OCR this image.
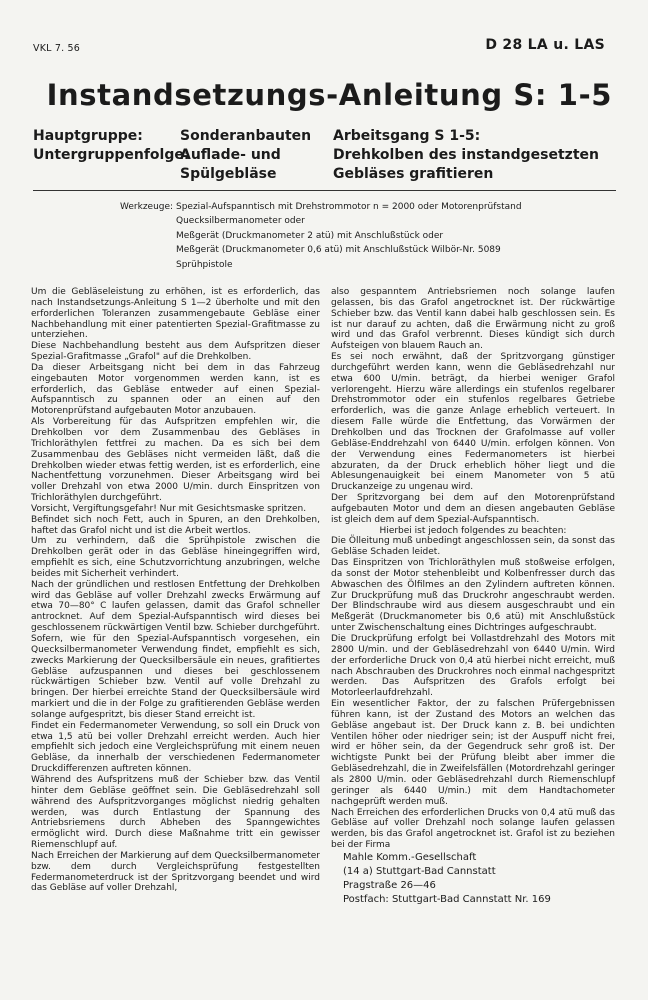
VKL 7. 56	D 28 LA u. LAS
Instandsetzungs-Anleitung S: 1-5
Hauptgruppe:
Untergruppenfolge:
Sonderanbauten
Auflade- und
Spülgebläse
Arbeitsgang S 1-5:
Drehkolben des instandgesetzten
Gebläses grafitieren
Werkzeuge: Spezial-Aufspanntisch mit Drehstrommotor n = 2000 oder Motorenprüfstand
Quecksilbermanometer oder
Meßgerät (Druckmanometer 2 atü) mit Anschlußstück oder
Meßgerät (Druckmanometer 0,6 atü) mit Anschlußstück Wilbör-Nr. 5089
Sprühpistole

Um die Gebläseleistung zu erhöhen, ist es erforderlich, das nach Instandsetzungs-Anleitung S 1—2 überholte und mit den erforderlichen Toleranzen zusammengebaute Gebläse einer Nachbehandlung mit einer patentierten Spezial-Grafitmasse zu unterziehen.

Diese Nachbehandlung besteht aus dem Aufspritzen dieser Spezial-Grafitmasse „Grafol" auf die Drehkolben.

Da dieser Arbeitsgang nicht bei dem in das Fahrzeug eingebauten Motor vorgenommen werden kann, ist es erforderlich, das Gebläse entweder auf einen Spezial-Aufspanntisch zu spannen oder an einen auf den Motorenprüfstand aufgebauten Motor anzubauen.

Als Vorbereitung für das Aufspritzen empfehlen wir, die Drehkolben vor dem Zusammenbau des Gebläses in Trichloräthylen fettfrei zu machen. Da es sich bei dem Zusammenbau des Gebläses nicht vermeiden läßt, daß die Drehkolben wieder etwas fettig werden, ist es erforderlich, eine Nachentfettung vorzunehmen. Dieser Arbeitsgang wird bei voller Drehzahl von etwa 2000 U/min. durch Einspritzen von Trichloräthylen durchgeführt.

Vorsicht, Vergiftungsgefahr! Nur mit Gesichtsmaske spritzen.

Befindet sich noch Fett, auch in Spuren, an den Drehkolben, haftet das Grafol nicht und ist die Arbeit wertlos.

Um zu verhindern, daß die Sprühpistole zwischen die Drehkolben gerät oder in das Gebläse hineingegriffen wird, empfiehlt es sich, eine Schutzvorrichtung anzubringen, welche beides mit Sicherheit verhindert.

Nach der gründlichen und restlosen Entfettung der Drehkolben wird das Gebläse auf voller Drehzahl zwecks Erwärmung auf etwa 70—80° C laufen gelassen, damit das Grafol schneller antrocknet. Auf dem Spezial-Aufspanntisch wird dieses bei geschlossenem rückwärtigen Ventil bzw. Schieber durchgeführt.

Sofern, wie für den Spezial-Aufspanntisch vorgesehen, ein Quecksilbermanometer Verwendung findet, empfiehlt es sich, zwecks Markierung der Quecksilbersäule ein neues, grafitiertes Gebläse aufzuspannen und dieses bei geschlossenem rückwärtigen Schieber bzw. Ventil auf volle Drehzahl zu bringen. Der hierbei erreichte Stand der Quecksilbersäule wird markiert und die in der Folge zu grafitierenden Gebläse werden solange aufgespritzt, bis dieser Stand erreicht ist.

Findet ein Federmanometer Verwendung, so soll ein Druck von etwa 1,5 atü bei voller Drehzahl erreicht werden. Auch hier empfiehlt sich jedoch eine Vergleichsprüfung mit einem neuen Gebläse, da innerhalb der verschiedenen Federmanometer Druckdifferenzen auftreten können.

Während des Aufspritzens muß der Schieber bzw. das Ventil hinter dem Gebläse geöffnet sein. Die Gebläsedrehzahl soll während des Aufspritzvorganges möglichst niedrig gehalten werden, was durch Entlastung der Spannung des Antriebsriemens durch Abheben des Spanngewichtes ermöglicht wird. Durch diese Maßnahme tritt ein gewisser Riemenschlupf auf.

Nach Erreichen der Markierung auf dem Quecksilbermanometer bzw. dem durch Vergleichsprüfung festgestellten Federmanometerdruck ist der Spritzvorgang beendet und wird das Gebläse auf voller Drehzahl,

also gespanntem Antriebsriemen noch solange laufen gelassen, bis das Grafol angetrocknet ist. Der rückwärtige Schieber bzw. das Ventil kann dabei halb geschlossen sein. Es ist nur darauf zu achten, daß die Erwärmung nicht zu groß wird und das Grafol verbrennt. Dieses kündigt sich durch Aufsteigen von blauem Rauch an.

Es sei noch erwähnt, daß der Spritzvorgang günstiger durchgeführt werden kann, wenn die Gebläsedrehzahl nur etwa 600 U/min. beträgt, da hierbei weniger Grafol verlorengeht. Hierzu wäre allerdings ein stufenlos regelbarer Drehstrommotor oder ein stufenlos regelbares Getriebe erforderlich, was die ganze Anlage erheblich verteuert. In diesem Falle würde die Entfettung, das Vorwärmen der Drehkolben und das Trocknen der Grafolmasse auf voller Gebläse-Enddrehzahl von 6440 U/min. erfolgen können. Von der Verwendung eines Federmanometers ist hierbei abzuraten, da der Druck erheblich höher liegt und die Ablesungenauigkeit bei einem Manometer von 5 atü Druckanzeige zu ungenau wird.

Der Spritzvorgang bei dem auf den Motorenprüfstand aufgebauten Motor und dem an diesen angebauten Gebläse ist gleich dem auf dem Spezial-Aufspanntisch.

Hierbei ist jedoch folgendes zu beachten:

Die Ölleitung muß unbedingt angeschlossen sein, da sonst das Gebläse Schaden leidet.

Das Einspritzen von Trichloräthylen muß stoßweise erfolgen, da sonst der Motor stehenbleibt und Kolbenfresser durch das Abwaschen des Ölfilmes an den Zylindern auftreten können. Zur Druckprüfung muß das Druckrohr angeschraubt werden. Der Blindschraube wird aus diesem ausgeschraubt und ein Meßgerät (Druckmanometer bis 0,6 atü) mit Anschlußstück unter Zwischenschaltung eines Dichtringes aufgeschraubt.

Die Druckprüfung erfolgt bei Vollastdrehzahl des Motors mit 2800 U/min. und der Gebläsedrehzahl von 6440 U/min. Wird der erforderliche Druck von 0,4 atü hierbei nicht erreicht, muß nach Abschrauben des Druckrohres noch einmal nachgespritzt werden. Das Aufspritzen des Grafols erfolgt bei Motorleerlaufdrehzahl.

Ein wesentlicher Faktor, der zu falschen Prüfergebnissen führen kann, ist der Zustand des Motors an welchen das Gebläse angebaut ist. Der Druck kann z. B. bei undichten Ventilen höher oder niedriger sein; ist der Auspuff nicht frei, wird er höher sein, da der Gegendruck sehr groß ist. Der wichtigste Punkt bei der Prüfung bleibt aber immer die Gebläsedrehzahl, die in Zweifelsfällen (Motordrehzahl geringer als 2800 U/min. oder Gebläsedrehzahl durch Riemenschlupf geringer als 6440 U/min.) mit dem Handtachometer nachgeprüft werden muß.

Nach Erreichen des erforderlichen Drucks von 0,4 atü muß das Gebläse auf voller Drehzahl noch solange laufen gelassen werden, bis das Grafol angetrocknet ist. Grafol ist zu beziehen bei der Firma

Mahle Komm.-Gesellschaft
(14 a) Stuttgart-Bad Cannstatt
Pragstraße 26—46
Postfach: Stuttgart-Bad Cannstatt Nr. 169
